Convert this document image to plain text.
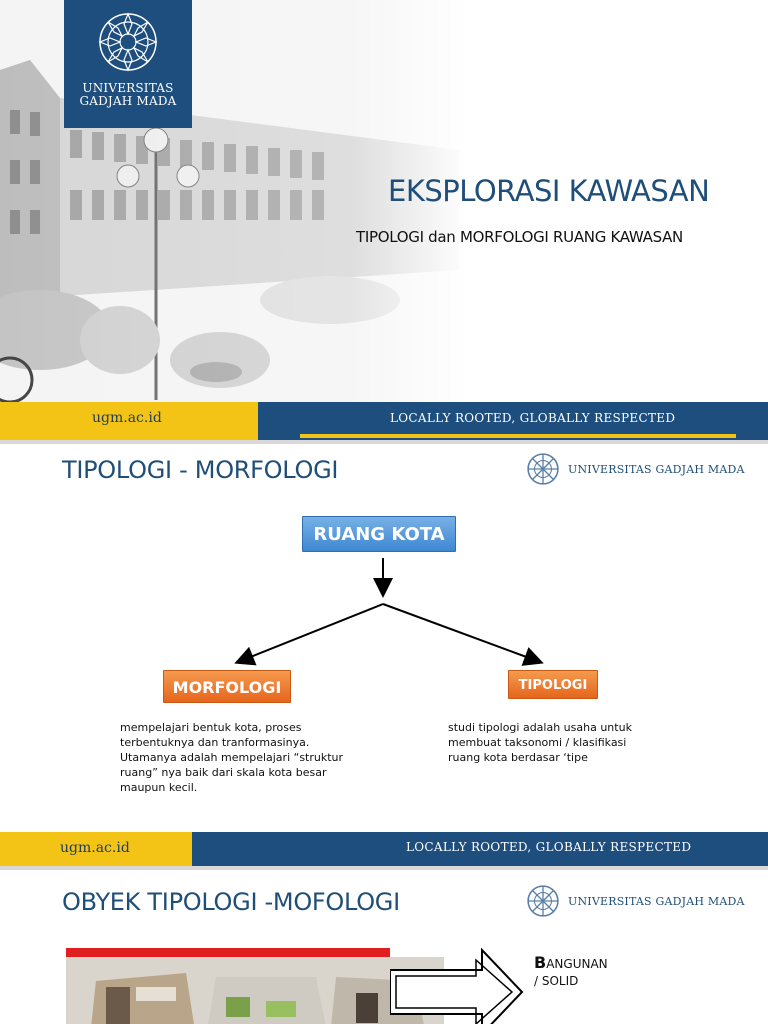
UNIVERSITAS
GADJAH MADA
EKSPLORASI KAWASAN
TIPOLOGI dan MORFOLOGI RUANG KAWASAN
ugm.ac.id	LOCALLY ROOTED, GLOBALLY RESPECTED
TIPOLOGI - MORFOLOGI	UNIVERSITAS GADJAH MADA
RUANG KOTA
MORFOLOGI	TIPOLOGI
mempelajari bentuk kota, proses terbentuknya dan tranformasinya. Utamanya adalah mempelajari “struktur ruang” nya baik dari skala kota besar maupun kecil.
studi tipologi adalah usaha untuk membuat taksonomi / klasifikasi ruang kota berdasar ‘tipe
ugm.ac.id	LOCALLY ROOTED, GLOBALLY RESPECTED
OBYEK TIPOLOGI -MOFOLOGI	UNIVERSITAS GADJAH MADA
BANGUNAN
/ SOLID
